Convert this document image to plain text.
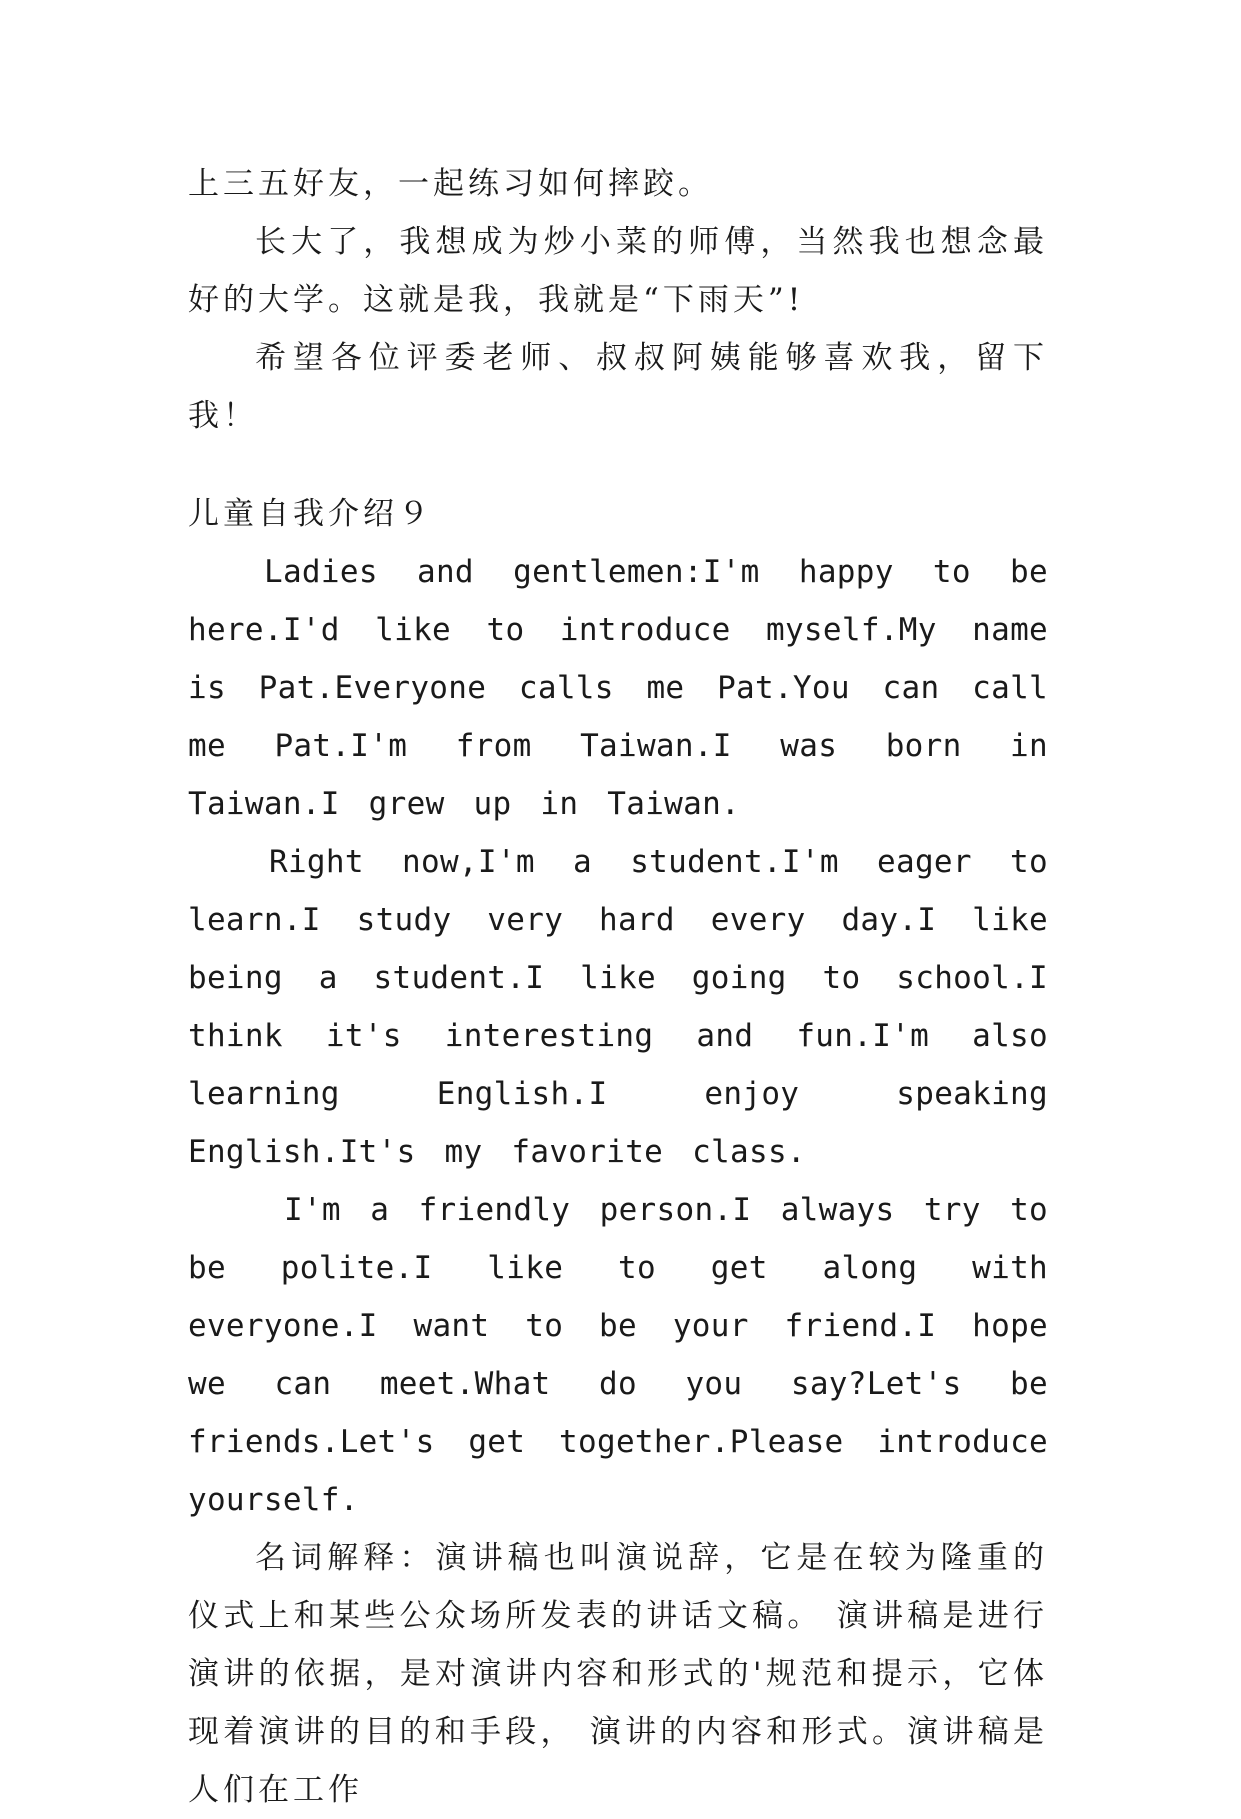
上三五好友，一起练习如何摔跤。

长大了，我想成为炒小菜的师傅，当然我也想念最好的大学。这就是我，我就是“下雨天”!

希望各位评委老师、叔叔阿姨能够喜欢我，留下我！

儿童自我介绍９

Ladies and gentlemen:I'm happy to be here.I'd like to introduce myself.My name is Pat.Everyone calls me Pat.You can call me Pat.I'm from Taiwan.I was born in Taiwan.I grew up in Taiwan.

Right now,I'm a student.I'm eager to learn.I study very hard every day.I like being a student.I like going to school.I think it's interesting and fun.I'm also learning English.I enjoy speaking English.It's my favorite class.

I'm a friendly person.I always try to be polite.I like to get along with everyone.I want to be your friend.I hope we can meet.What do you say?Let's be friends.Let's get together.Please introduce yourself.

名词解释：演讲稿也叫演说辞，它是在较为隆重的仪式上和某些公众场所发表的讲话文稿。 演讲稿是进行演讲的依据，是对演讲内容和形式的'规范和提示，它体现着演讲的目的和手段， 演讲的内容和形式。演讲稿是人们在工作
